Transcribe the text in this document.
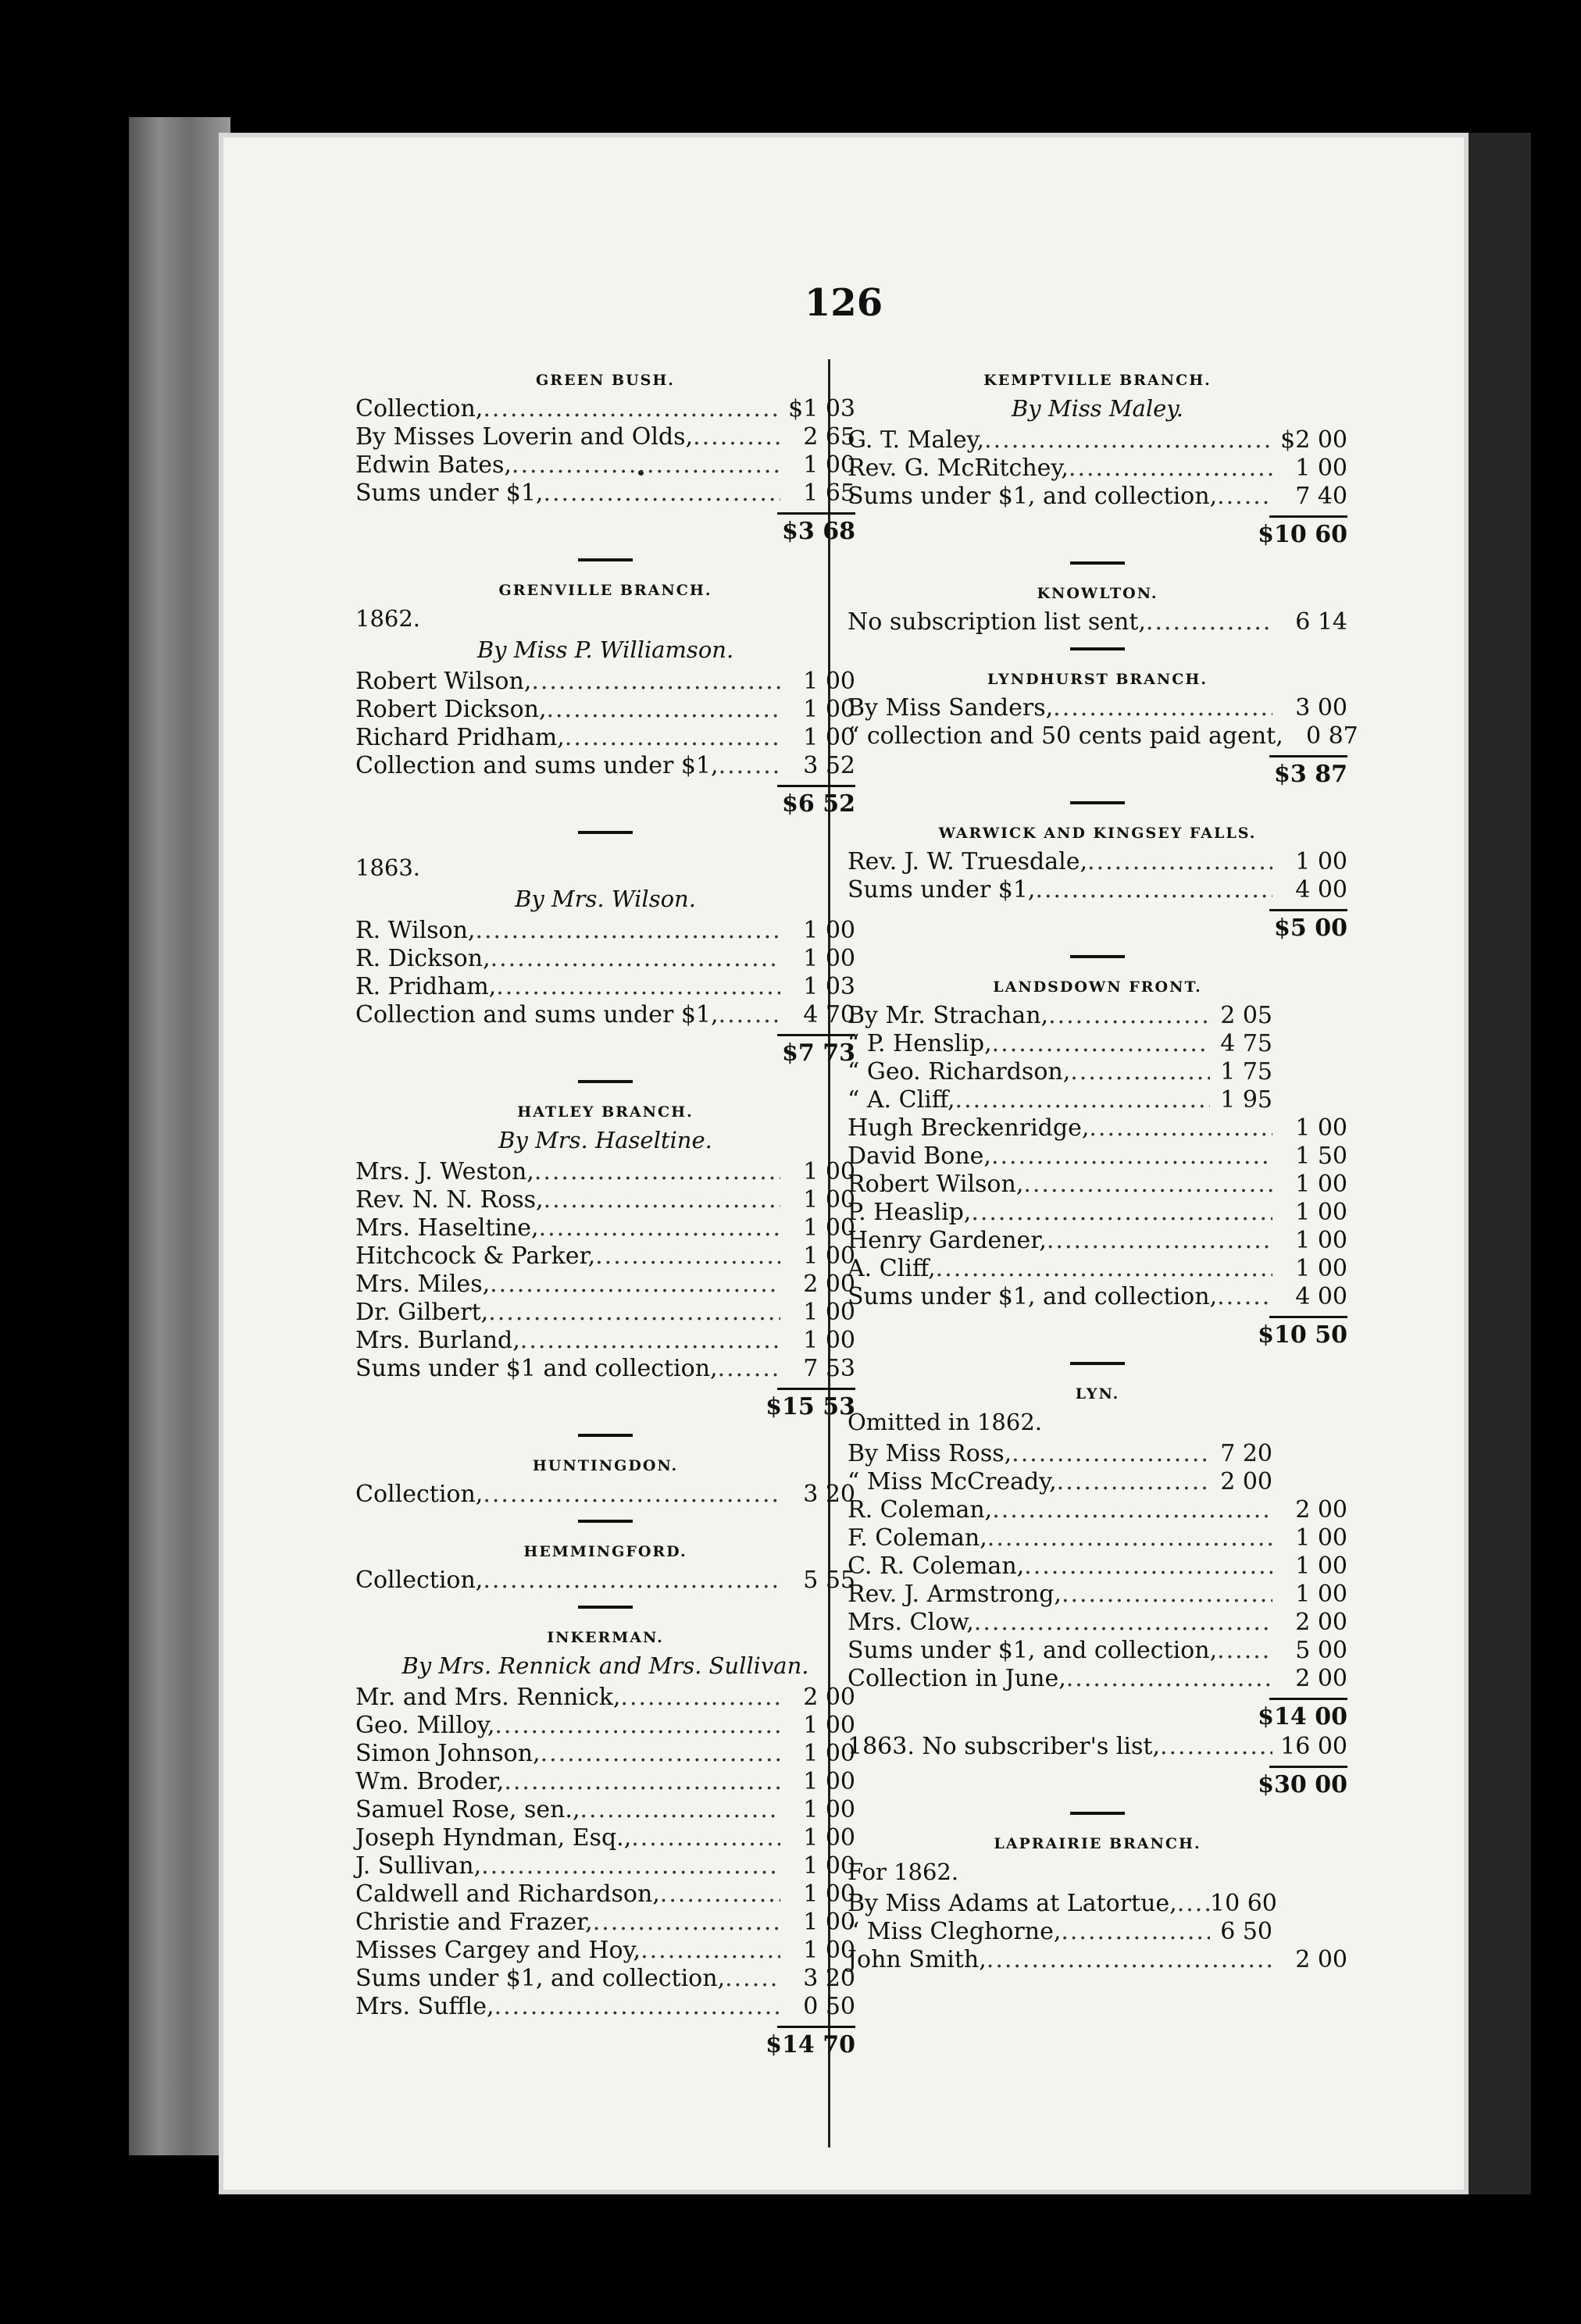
126
GREEN BUSH.
Collection, .....	$1 03
By Misses Loverin and Olds, .....	2 65
Edwin Bates, .....	1 00
Sums under $1, .....	1 65
$3 68
GRENVILLE BRANCH.
1862.
By Miss P. Williamson.
Robert Wilson, .....	1 00
Robert Dickson, .....	1 00
Richard Pridham, .....	1 00
Collection and sums under $1, .....	3 52
$6 52
1863.
By Mrs. Wilson.
R. Wilson, .....	1 00
R. Dickson, .....	1 00
R. Pridham, .....	1 03
Collection and sums under $1, .....	4 70
$7 73
HATLEY BRANCH.
By Mrs. Haseltine.
Mrs. J. Weston, .....	1 00
Rev. N. N. Ross, .....	1 00
Mrs. Haseltine, .....	1 00
Hitchcock & Parker, .....	1 00
Mrs. Miles, .....	2 00
Dr. Gilbert, .....	1 00
Mrs. Burland, .....	1 00
Sums under $1 and collection, .....	7 53
$15 53
HUNTINGDON.
Collection, .....	3 20
HEMMINGFORD.
Collection, .....	5 55
INKERMAN.
By Mrs. Rennick and Mrs. Sullivan.
Mr. and Mrs. Rennick, .....	2 00
Geo. Milloy, .....	1 00
Simon Johnson, .....	1 00
Wm. Broder, .....	1 00
Samuel Rose, sen., .....	1 00
Joseph Hyndman, Esq., .....	1 00
J. Sullivan, .....	1 00
Caldwell and Richardson, .....	1 00
Christie and Frazer, .....	1 00
Misses Cargey and Hoy, .....	1 00
Sums under $1, and collection, .....	3 20
Mrs. Suffle, .....	0 50
$14 70
KEMPTVILLE BRANCH.
By Miss Maley.
G. T. Maley, .....	$2 00
Rev. G. McRitchey, .....	1 00
Sums under $1, and collection, .....	7 40
$10 60
KNOWLTON.
No subscription list sent, .....	6 14
LYNDHURST BRANCH.
By Miss Sanders, .....	3 00
“ collection and 50 cents paid agent, 0 87
$3 87
WARWICK AND KINGSEY FALLS.
Rev. J. W. Truesdale, .....	1 00
Sums under $1, .....	4 00
$5 00
LANDSDOWN FRONT.
By Mr. Strachan, .....	2 05
“ P. Henslip, .....	4 75
“ Geo. Richardson, .....	1 75
“ A. Cliff, .....	1 95
Hugh Breckenridge, .....	1 00
David Bone, .....	1 50
Robert Wilson, .....	1 00
P. Heaslip, .....	1 00
Henry Gardener, .....	1 00
A. Cliff, .....	1 00
Sums under $1, and collection, .....	4 00
$10 50
LYN.
Omitted in 1862.
By Miss Ross, .....	7 20
“ Miss McCready, .....	2 00
R. Coleman, .....	2 00
F. Coleman, .....	1 00
C. R. Coleman, .....	1 00
Rev. J. Armstrong, .....	1 00
Mrs. Clow, .....	2 00
Sums under $1, and collection, .....	5 00
Collection in June, .....	2 00
$14 00
1863. No subscriber's list, .....	16 00
$30 00
LAPRAIRIE BRANCH.
For 1862.
By Miss Adams at Latortue, ..... 10 60
“ Miss Cleghorne, .....	6 50
John Smith, .....	2 00
